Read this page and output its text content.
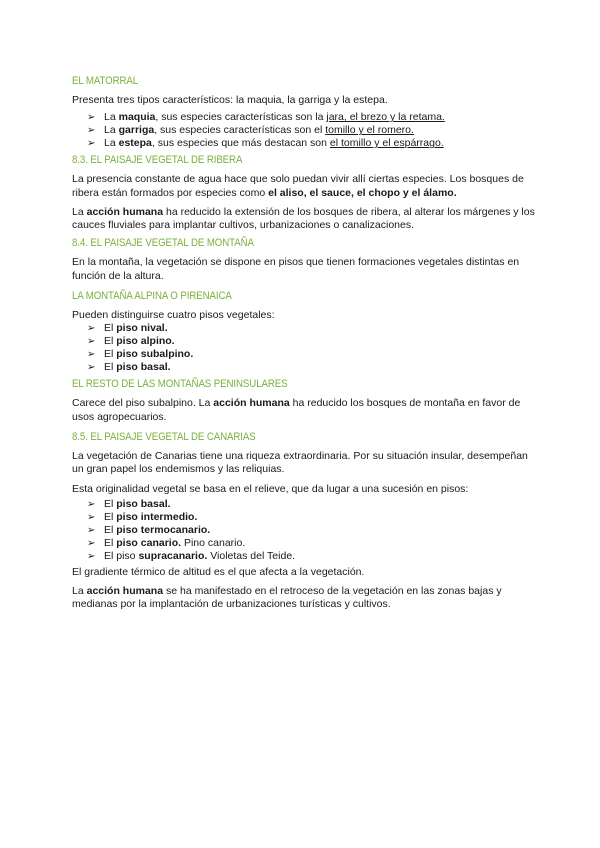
EL MATORRAL

Presenta tres tipos característicos: la maquia, la garriga y la estepa.

➢ La maquia, sus especies características son la jara, el brezo y la retama.
➢ La garriga, sus especies características son el tomillo y el romero.
➢ La estepa, sus especies que más destacan son el tomillo y el espárrago.
8.3. EL PAISAJE VEGETAL DE RIBERA

La presencia constante de agua hace que solo puedan vivir allí ciertas especies. Los bosques de ribera están formados por especies como el aliso, el sauce, el chopo y el álamo.

La acción humana ha reducido la extensión de los bosques de ribera, al alterar los márgenes y los cauces fluviales para implantar cultivos, urbanizaciones o canalizaciones.

8.4. EL PAISAJE VEGETAL DE MONTAÑA

En la montaña, la vegetación se dispone en pisos que tienen formaciones vegetales distintas en función de la altura.

LA MONTAÑA ALPINA O PIRENAICA

Pueden distinguirse cuatro pisos vegetales:

➢ El piso nival.
➢ El piso alpino.
➢ El piso subalpino.
➢ El piso basal.
EL RESTO DE LAS MONTAÑAS PENINSULARES

Carece del piso subalpino. La acción humana ha reducido los bosques de montaña en favor de usos agropecuarios.

8.5. EL PAISAJE VEGETAL DE CANARIAS

La vegetación de Canarias tiene una riqueza extraordinaria. Por su situación insular, desempeñan un gran papel los endemismos y las reliquias.

Esta originalidad vegetal se basa en el relieve, que da lugar a una sucesión en pisos:

➢ El piso basal.
➢ El piso intermedio.
➢ El piso termocanario.
➢ El piso canario. Pino canario.
➢ El piso supracanario. Violetas del Teide.

El gradiente térmico de altitud es el que afecta a la vegetación.

La acción humana se ha manifestado en el retroceso de la vegetación en las zonas bajas y medianas por la implantación de urbanizaciones turísticas y cultivos.
